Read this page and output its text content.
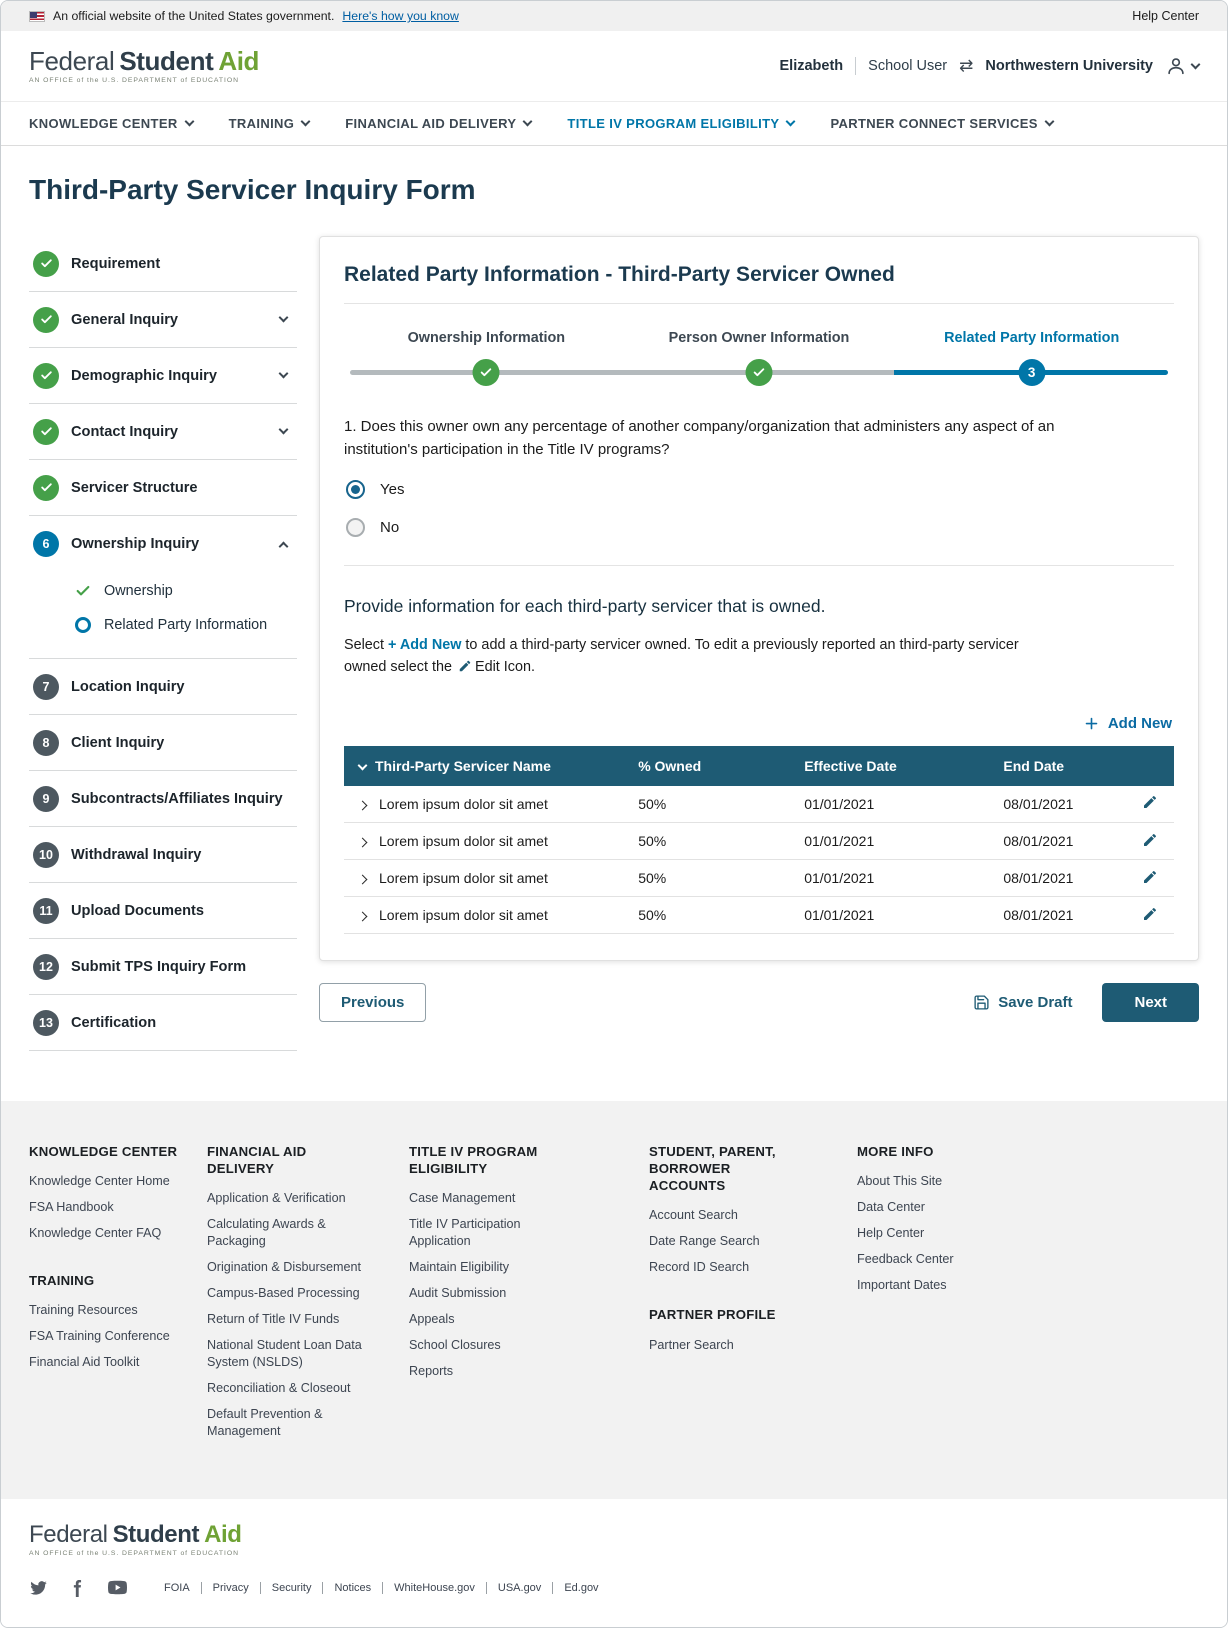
An official website of the United States government. Here's how you know	Help Center
Federal Student Aid
AN OFFICE of the U.S. DEPARTMENT of EDUCATION
Elizabeth School User ⇄ Northwestern University
KNOWLEDGE CENTER	TRAINING	FINANCIAL AID DELIVERY	TITLE IV PROGRAM ELIGIBILITY	PARTNER CONNECT SERVICES
Third-Party Servicer Inquiry Form
Requirement
General Inquiry
Demographic Inquiry
Contact Inquiry
Servicer Structure
6	Ownership Inquiry
Ownership
Related Party Information
7	Location Inquiry
8	Client Inquiry
9	Subcontracts/Affiliates Inquiry
10	Withdrawal Inquiry
11	Upload Documents
12	Submit TPS Inquiry Form
13	Certification
Related Party Information - Third-Party Servicer Owned
Ownership Information	Person Owner Information	Related Party Information
3

1. Does this owner own any percentage of another company/organization that administers any aspect of an institution's participation in the Title IV programs?

Yes
No

Provide information for each third-party servicer that is owned.

Select + Add New to add a third-party servicer owned. To edit a previously reported an third-party servicer owned select the Edit Icon.

Add New
Third-Party Servicer Name	% Owned	Effective Date	End Date	
Lorem ipsum dolor sit amet	50%	01/01/2021	08/01/2021	
Lorem ipsum dolor sit amet	50%	01/01/2021	08/01/2021	
Lorem ipsum dolor sit amet	50%	01/01/2021	08/01/2021	
Lorem ipsum dolor sit amet	50%	01/01/2021	08/01/2021	
Previous	Save Draft	Next
KNOWLEDGE CENTER
Knowledge Center Home
FSA Handbook
Knowledge Center FAQ
TRAINING
Training Resources
FSA Training Conference
Financial Aid Toolkit
FINANCIAL AID DELIVERY
Application & Verification
Calculating Awards & Packaging
Origination & Disbursement
Campus-Based Processing
Return of Title IV Funds
National Student Loan Data System (NSLDS)
Reconciliation & Closeout
Default Prevention & Management
TITLE IV PROGRAM ELIGIBILITY
Case Management
Title IV Participation Application
Maintain Eligibility
Audit Submission
Appeals
School Closures
Reports
STUDENT, PARENT, BORROWER ACCOUNTS
Account Search
Date Range Search
Record ID Search
PARTNER PROFILE
Partner Search
MORE INFO
About This Site
Data Center
Help Center
Feedback Center
Important Dates
Federal Student Aid
AN OFFICE of the U.S. DEPARTMENT of EDUCATION
FOIA	Privacy	Security	Notices	WhiteHouse.gov	USA.gov	Ed.gov
